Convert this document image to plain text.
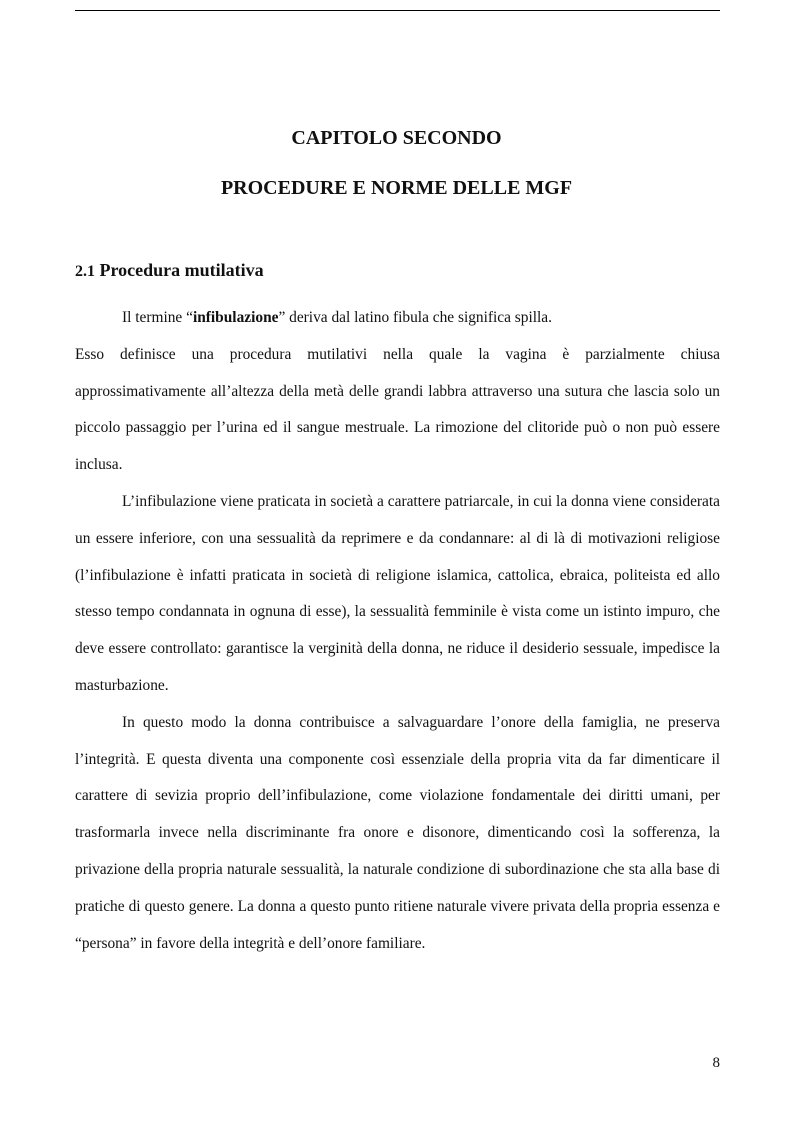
CAPITOLO SECONDO
PROCEDURE E NORME DELLE MGF
2.1 Procedura mutilativa

Il termine “infibulazione” deriva dal latino fibula che significa spilla.

Esso definisce una procedura mutilativi nella quale la vagina è parzialmente chiusa approssimativamente all’altezza della metà delle grandi labbra attraverso una sutura che lascia solo un piccolo passaggio per l’urina ed il sangue mestruale. La rimozione del clitoride può o non può essere inclusa.

L’infibulazione viene praticata in società a carattere patriarcale, in cui la donna viene considerata un essere inferiore, con una sessualità da reprimere e da condannare: al di là di motivazioni religiose (l’infibulazione è infatti praticata in società di religione islamica, cattolica, ebraica, politeista ed allo stesso tempo condannata in ognuna di esse), la sessualità femminile è vista come un istinto impuro, che deve essere controllato: garantisce la verginità della donna, ne riduce il desiderio sessuale, impedisce la masturbazione.

In questo modo la donna contribuisce a salvaguardare l’onore della famiglia, ne preserva l’integrità. E questa diventa una componente così essenziale della propria vita da far dimenticare il carattere di sevizia proprio dell’infibulazione, come violazione fondamentale dei diritti umani, per trasformarla invece nella discriminante fra onore e disonore, dimenticando così la sofferenza, la privazione della propria naturale sessualità, la naturale condizione di subordinazione che sta alla base di pratiche di questo genere. La donna a questo punto ritiene naturale vivere privata della propria essenza e “persona” in favore della integrità e dell’onore familiare.

8
